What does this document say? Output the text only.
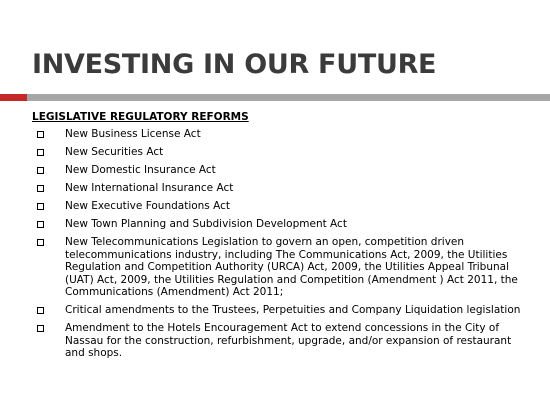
INVESTING IN OUR FUTURE
LEGISLATIVE REGULATORY REFORMS
New Business License Act
New Securities Act
New Domestic Insurance Act
New International Insurance Act
New Executive Foundations Act
New Town Planning and Subdivision Development Act
New Telecommunications Legislation to govern an open, competition driven telecommunications industry, including The Communications Act, 2009, the Utilities Regulation and Competition Authority (URCA) Act, 2009, the Utilities Appeal Tribunal (UAT) Act, 2009, the Utilities Regulation and Competition (Amendment ) Act 2011, the Communications (Amendment) Act 2011;
Critical amendments to the Trustees, Perpetuities and Company Liquidation legislation
Amendment to the Hotels Encouragement Act to extend concessions in the City of Nassau for the construction, refurbishment, upgrade, and/or expansion of restaurant and shops.
